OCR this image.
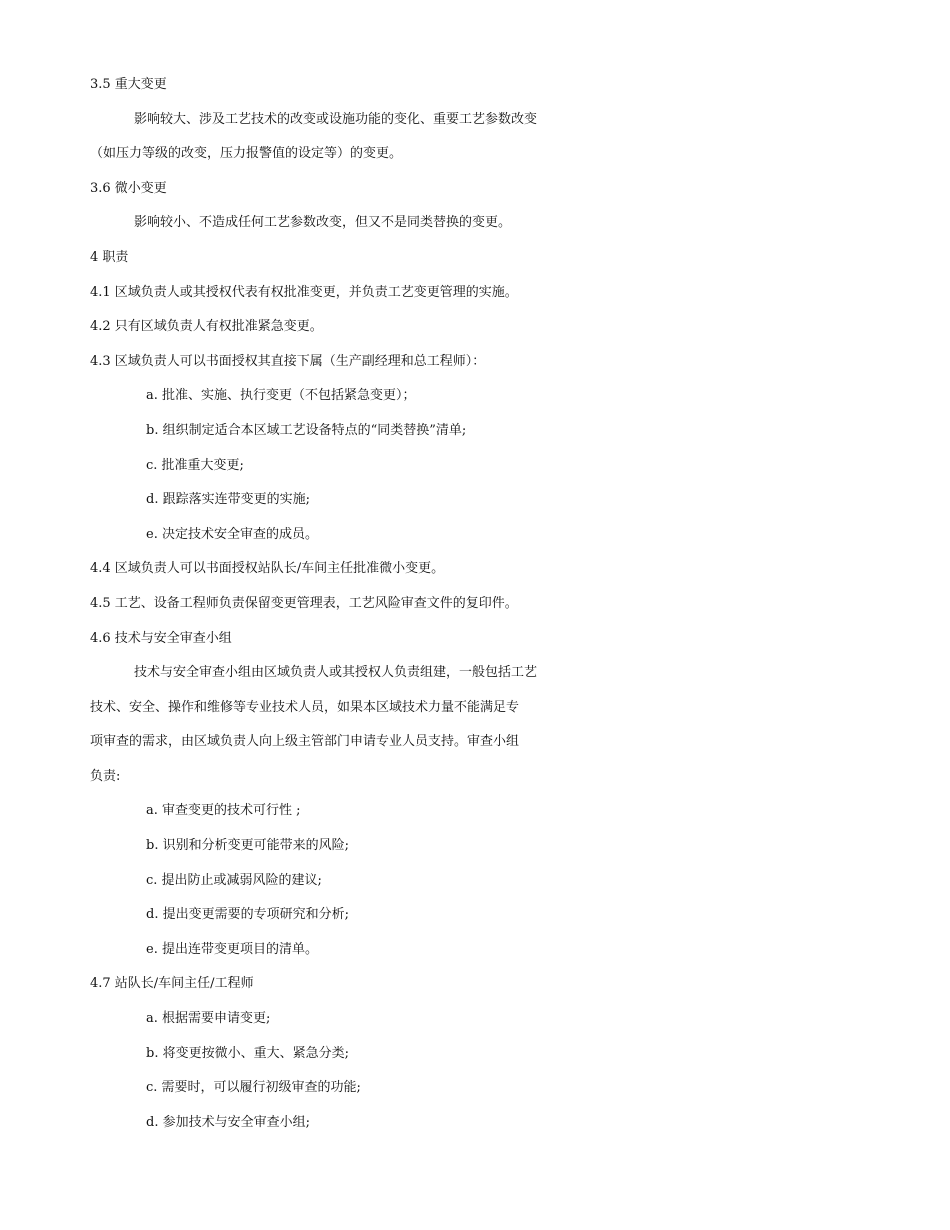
3.5 重大变更
影响较大、涉及工艺技术的改变或设施功能的变化、重要工艺参数改变
（如压力等级的改变，压力报警值的设定等）的变更。
3.6 微小变更
影响较小、不造成任何工艺参数改变，但又不是同类替换的变更。
4 职责
4.1 区域负责人或其授权代表有权批准变更，并负责工艺变更管理的实施。
4.2 只有区域负责人有权批准紧急变更。
4.3 区域负责人可以书面授权其直接下属（生产副经理和总工程师）：
a. 批准、实施、执行变更（不包括紧急变更）；
b. 组织制定适合本区域工艺设备特点的“同类替换”清单;
c. 批准重大变更;
d. 跟踪落实连带变更的实施;
e. 决定技术安全审查的成员。
4.4 区域负责人可以书面授权站队长/车间主任批准微小变更。
4.5 工艺、设备工程师负责保留变更管理表，工艺风险审查文件的复印件。
4.6 技术与安全审查小组
技术与安全审查小组由区域负责人或其授权人负责组建，一般包括工艺
技术、安全、操作和维修等专业技术人员，如果本区域技术力量不能满足专
项审查的需求，由区域负责人向上级主管部门申请专业人员支持。审查小组
负责:
a. 审查变更的技术可行性 ;
b. 识别和分析变更可能带来的风险;
c. 提出防止或减弱风险的建议;
d. 提出变更需要的专项研究和分析;
e. 提出连带变更项目的清单。
4.7 站队长/车间主任/工程师
a. 根据需要申请变更;
b. 将变更按微小、重大、紧急分类;
c. 需要时，可以履行初级审查的功能;
d. 参加技术与安全审查小组;
